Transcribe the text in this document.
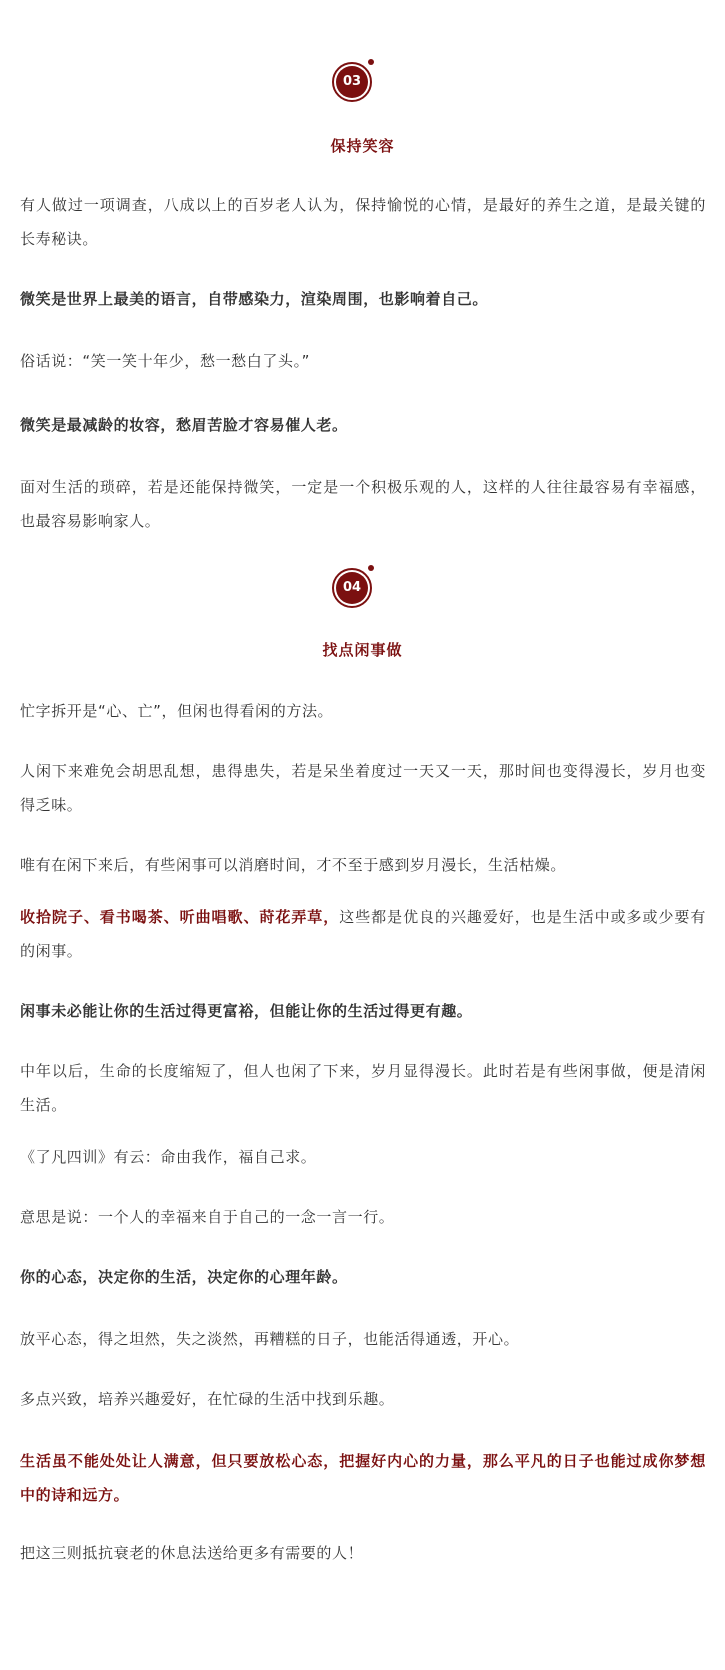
03
保持笑容

有人做过一项调查，八成以上的百岁老人认为，保持愉悦的心情，是最好的养生之道，是最关键的长寿秘诀。

微笑是世界上最美的语言，自带感染力，渲染周围，也影响着自己。

俗话说：“笑一笑十年少，愁一愁白了头。”

微笑是最减龄的妆容，愁眉苦脸才容易催人老。

面对生活的琐碎，若是还能保持微笑，一定是一个积极乐观的人，这样的人往往最容易有幸福感，也最容易影响家人。

04
找点闲事做

忙字拆开是“心、亡”，但闲也得看闲的方法。

人闲下来难免会胡思乱想，患得患失，若是呆坐着度过一天又一天，那时间也变得漫长，岁月也变得乏味。

唯有在闲下来后，有些闲事可以消磨时间，才不至于感到岁月漫长，生活枯燥。

收拾院子、看书喝茶、听曲唱歌、莳花弄草，这些都是优良的兴趣爱好，也是生活中或多或少要有的闲事。

闲事未必能让你的生活过得更富裕，但能让你的生活过得更有趣。

中年以后，生命的长度缩短了，但人也闲了下来，岁月显得漫长。此时若是有些闲事做，便是清闲生活。

《了凡四训》有云：命由我作，福自己求。

意思是说：一个人的幸福来自于自己的一念一言一行。

你的心态，决定你的生活，决定你的心理年龄。

放平心态，得之坦然，失之淡然，再糟糕的日子，也能活得通透，开心。

多点兴致，培养兴趣爱好，在忙碌的生活中找到乐趣。

生活虽不能处处让人满意，但只要放松心态，把握好内心的力量，那么平凡的日子也能过成你梦想中的诗和远方。

把这三则抵抗衰老的休息法送给更多有需要的人！
